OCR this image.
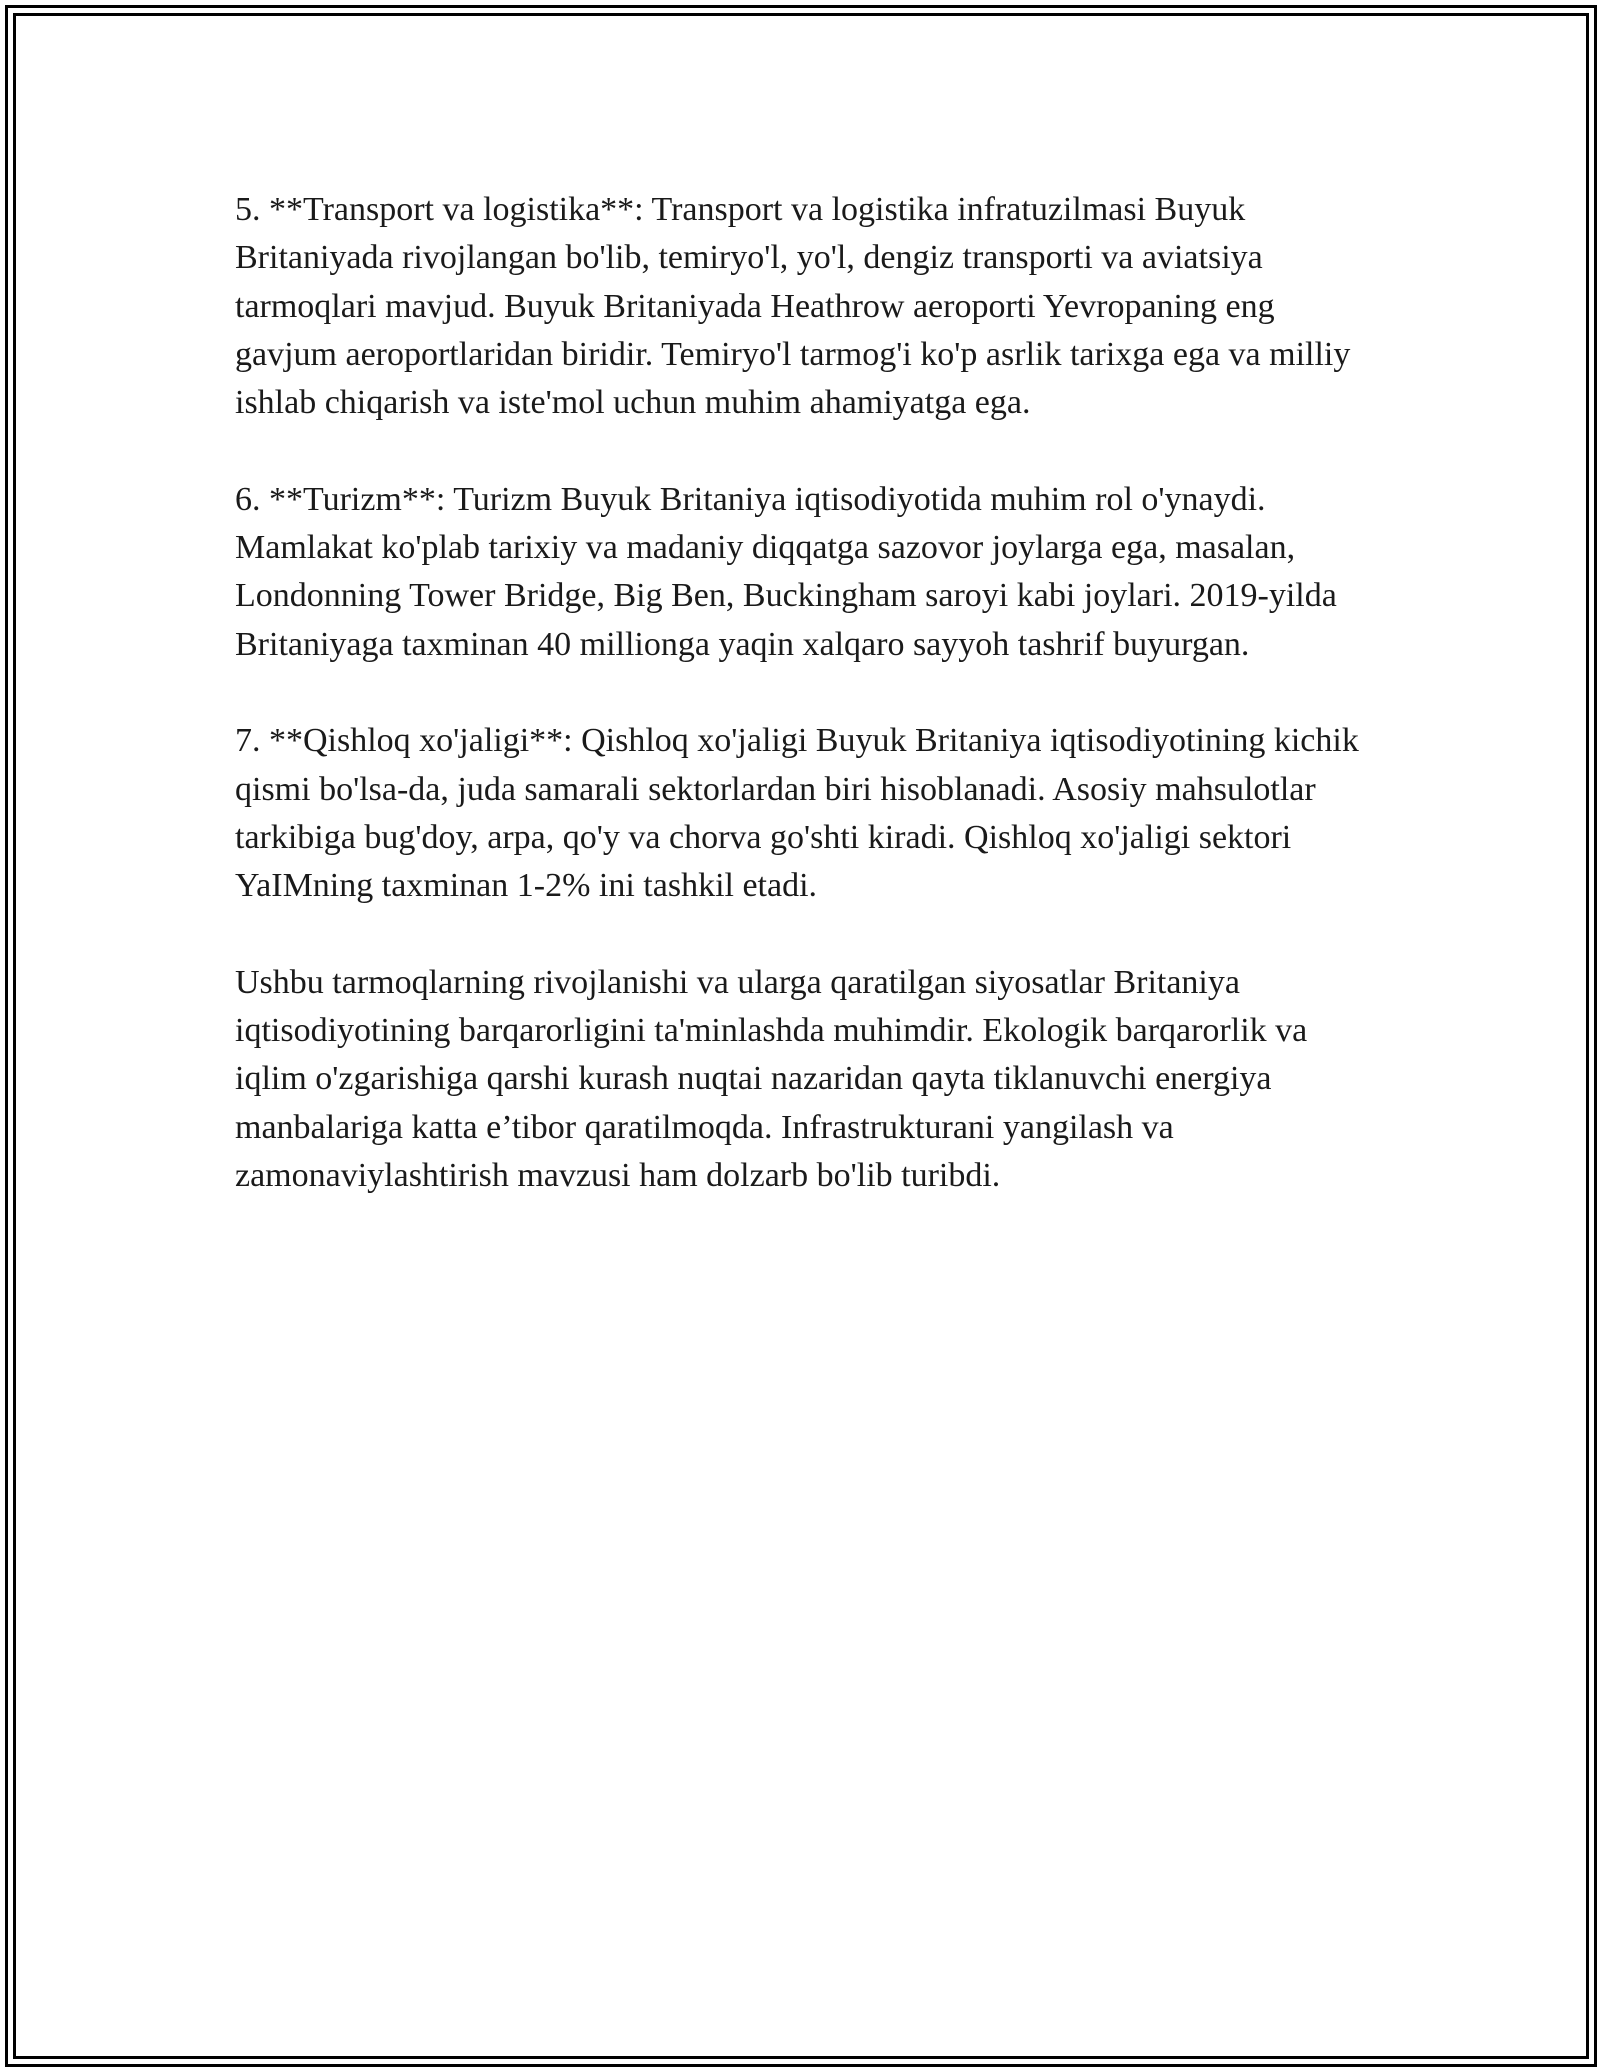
5. **Transport va logistika**: Transport va logistika infratuzilmasi Buyuk Britaniyada rivojlangan bo'lib, temiryo'l, yo'l, dengiz transporti va aviatsiya tarmoqlari mavjud. Buyuk Britaniyada Heathrow aeroporti Yevropaning eng gavjum aeroportlaridan biridir. Temiryo'l tarmog'i ko'p asrlik tarixga ega va milliy ishlab chiqarish va iste'mol uchun muhim ahamiyatga ega.

6. **Turizm**: Turizm Buyuk Britaniya iqtisodiyotida muhim rol o'ynaydi. Mamlakat ko'plab tarixiy va madaniy diqqatga sazovor joylarga ega, masalan, Londonning Tower Bridge, Big Ben, Buckingham saroyi kabi joylari. 2019-yilda Britaniyaga taxminan 40 millionga yaqin xalqaro sayyoh tashrif buyurgan.

7. **Qishloq xo'jaligi**: Qishloq xo'jaligi Buyuk Britaniya iqtisodiyotining kichik qismi bo'lsa-da, juda samarali sektorlardan biri hisoblanadi. Asosiy mahsulotlar tarkibiga bug'doy, arpa, qo'y va chorva go'shti kiradi. Qishloq xo'jaligi sektori YaIMning taxminan 1-2% ini tashkil etadi.

Ushbu tarmoqlarning rivojlanishi va ularga qaratilgan siyosatlar Britaniya iqtisodiyotining barqarorligini ta'minlashda muhimdir. Ekologik barqarorlik va iqlim o'zgarishiga qarshi kurash nuqtai nazaridan qayta tiklanuvchi energiya manbalariga katta e’tibor qaratilmoqda. Infrastrukturani yangilash va zamonaviylashtirish mavzusi ham dolzarb bo'lib turibdi.
